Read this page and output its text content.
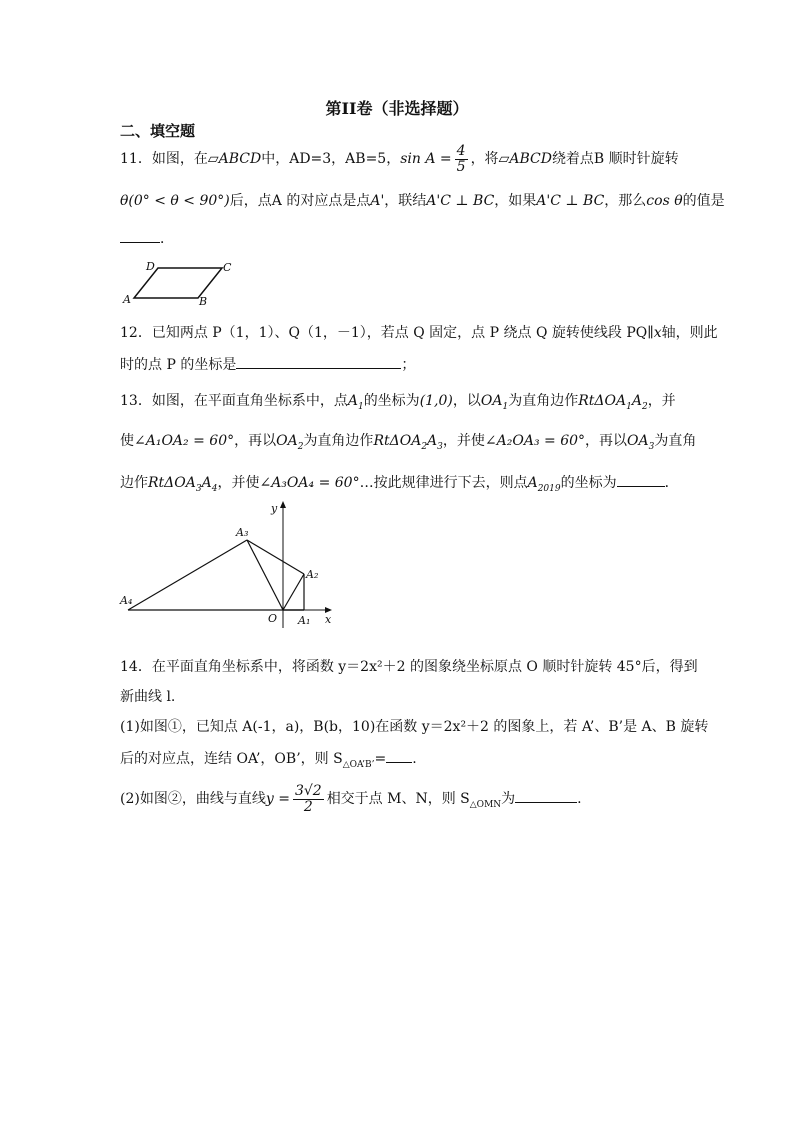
第II卷（非选择题）
二、填空题
11．如图，在▱ABCD中，AD=3，AB=5，$\sin A = \frac{4}{5}$ ，将▱ABCD绕着点B 顺时针旋转
θ(0° < θ < 90°)后，点A 的对应点是点A'，联结A'C ⊥ BC，如果A'C ⊥ BC，那么cos θ的值是
．
A	B
C
D
12．已知两点 P（1，1）、Q（1，－1），若点 Q 固定，点 P 绕点 Q 旋转使线段 PQ∥x轴，则此
时的点 P 的坐标是	；
13．如图，在平面直角坐标系中，点$A_1$的坐标为(1,0)，以$OA_1$为直角边作$Rt\Delta OA_1A_2$，并
使∠A₁OA₂ = 60°，再以$OA_2$为直角边作$Rt\Delta OA_2A_3$，并使∠A₂OA₃ = 60°，再以$OA_3$为直角
边作$Rt\Delta OA_3A_4$，并使∠A₃OA₄ = 60°…按此规律进行下去，则点$A_{2019}$的坐标为	．
y
x
O A₁
A₂
A₃
A₄
14．在平面直角坐标系中，将函数 y＝2x²＋2 的图象绕坐标原点 O 顺时针旋转 45°后，得到
新曲线 l.
(1)如图①，已知点 A(-1，a)，B(b，10)在函数 y＝2x²＋2 的图象上，若 A’、B’是 A、B 旋转
后的对应点，连结 OA’，OB’，则 $S_{\triangle OA’B’}=$ .
(2)如图②，曲线与直线$y = \frac{3√2}{2}$ 相交于点 M、N，则 $S_{\triangle OMN}$为	.
